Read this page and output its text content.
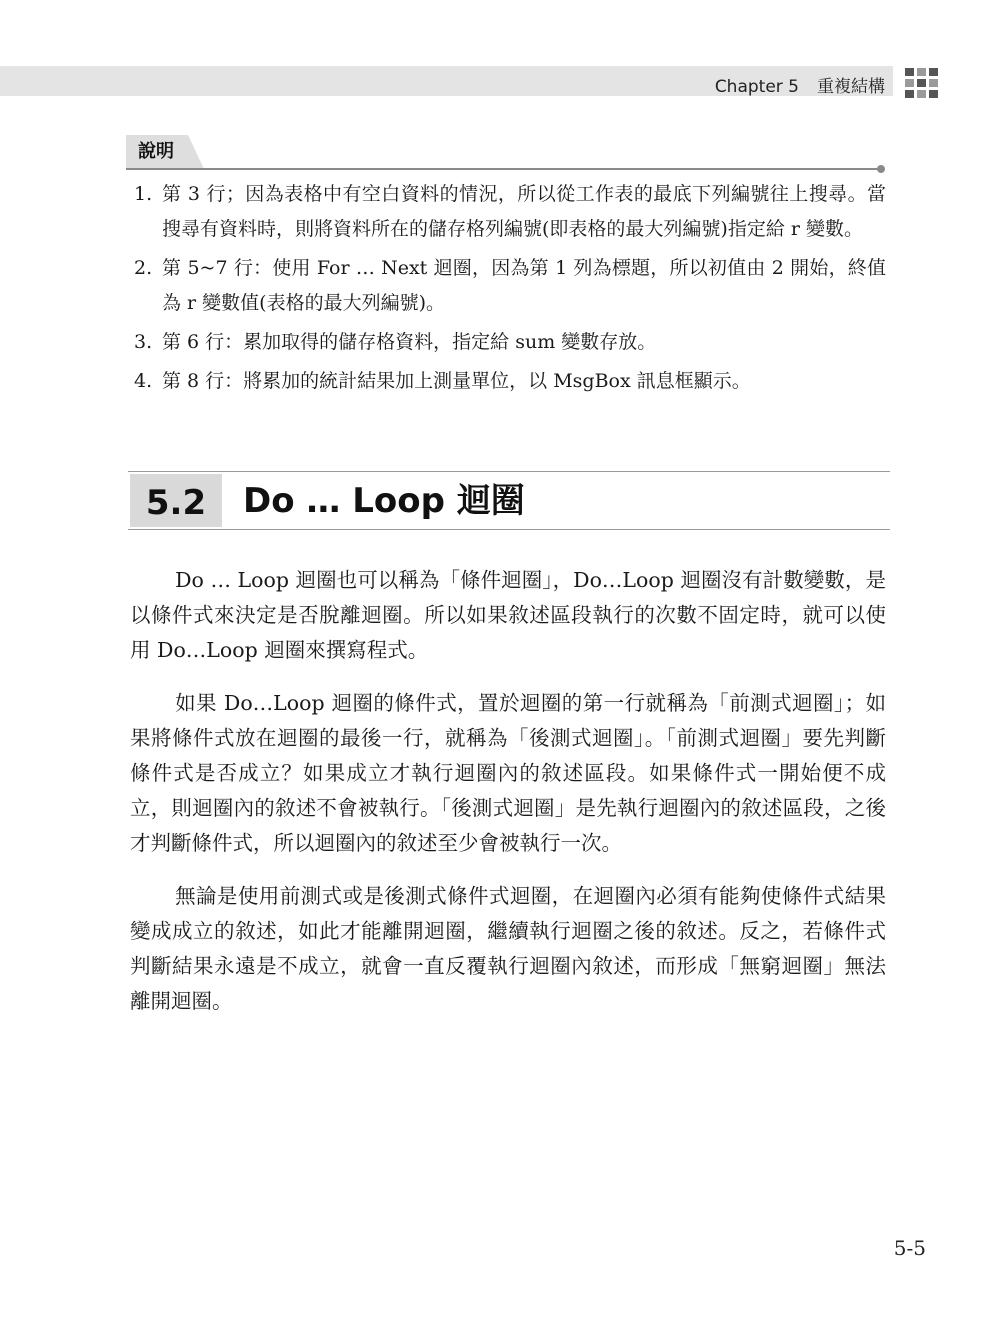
Chapter 5 重複結構
說明
1. 第 3 行；因為表格中有空白資料的情況，所以從工作表的最底下列編號往上搜尋。當搜尋有資料時，則將資料所在的儲存格列編號(即表格的最大列編號)指定給 r 變數。
2. 第 5~7 行：使用 For … Next 迴圈，因為第 1 列為標題，所以初值由 2 開始，終值為 r 變數值(表格的最大列編號)。
3. 第 6 行：累加取得的儲存格資料，指定給 sum 變數存放。
4. 第 8 行：將累加的統計結果加上測量單位，以 MsgBox 訊息框顯示。
5.2	Do … Loop 迴圈

Do … Loop 迴圈也可以稱為「條件迴圈」，Do…Loop 迴圈沒有計數變數，是以條件式來決定是否脫離迴圈。所以如果敘述區段執行的次數不固定時，就可以使用 Do…Loop 迴圈來撰寫程式。

如果 Do…Loop 迴圈的條件式，置於迴圈的第一行就稱為「前測式迴圈」；如果將條件式放在迴圈的最後一行，就稱為「後測式迴圈」。「前測式迴圈」要先判斷條件式是否成立？如果成立才執行迴圈內的敘述區段。如果條件式一開始便不成立，則迴圈內的敘述不會被執行。「後測式迴圈」是先執行迴圈內的敘述區段，之後才判斷條件式，所以迴圈內的敘述至少會被執行一次。

無論是使用前測式或是後測式條件式迴圈，在迴圈內必須有能夠使條件式結果變成成立的敘述，如此才能離開迴圈，繼續執行迴圈之後的敘述。反之，若條件式判斷結果永遠是不成立，就會一直反覆執行迴圈內敘述，而形成「無窮迴圈」無法離開迴圈。

5-5
